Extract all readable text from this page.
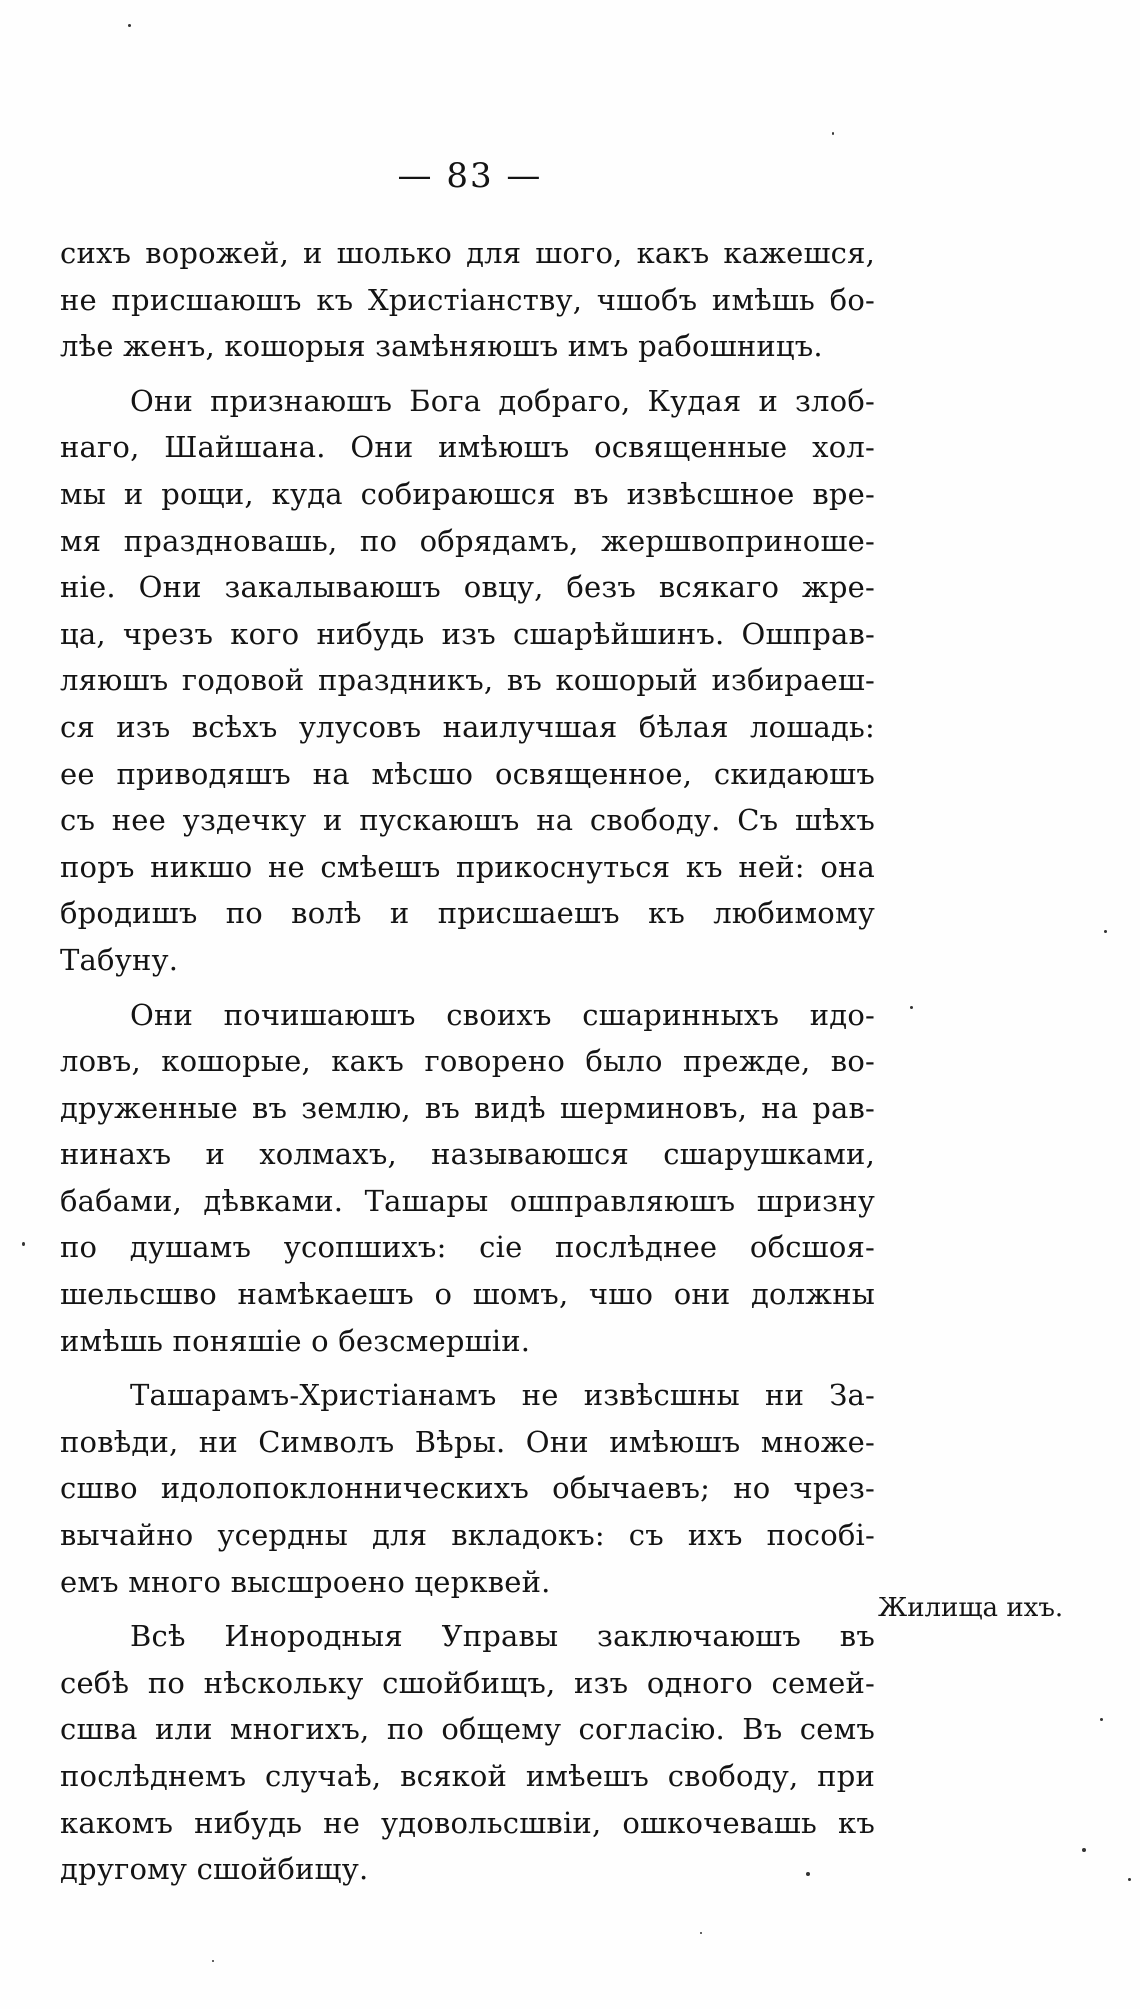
— 83 —
сихъ ворожей, и шолько для шого, какъ кажешся,
не присшаюшъ къ Христіанству, чшобъ имѣшь бо-
лѣе женъ, кошорыя замѣняюшъ имъ рабошницъ.
Они признаюшъ Бога добраго, Кудая и злоб-
наго, Шайшана. Они имѣюшъ освященные хол-
мы и рощи, куда собираюшся въ извѣсшное вре-
мя праздновашь, по обрядамъ, жершвоприноше-
ніе. Они закалываюшъ овцу, безъ всякаго жре-
ца, чрезъ кого нибудь изъ сшарѣйшинъ. Ошправ-
ляюшъ годовой праздникъ, въ кошорый избираеш-
ся изъ всѣхъ улусовъ наилучшая бѣлая лошадь:
ее приводяшъ на мѣсшо освященное, скидаюшъ
съ нее уздечку и пускаюшъ на свободу. Съ шѣхъ
поръ никшо не смѣешъ прикоснуться къ ней: она
бродишъ по волѣ и присшаешъ къ любимому
Табуну.
Они почишаюшъ своихъ сшаринныхъ идо-
ловъ, кошорые, какъ говорено было прежде, во-
друженные въ землю, въ видѣ шерминовъ, на рав-
нинахъ и холмахъ, называюшся сшарушками,
бабами, дѣвками. Ташары ошправляюшъ шризну
по душамъ усопшихъ: сіе послѣднее обсшоя-
шельсшво намѣкаешъ о шомъ, чшо они должны
имѣшь поняшіе о безсмершіи.
Ташарамъ-Христіанамъ не извѣсшны ни За-
повѣди, ни Символъ Вѣры. Они имѣюшъ множе-
сшво идолопоклонническихъ обычаевъ; но чрез-
вычайно усердны для вкладокъ: съ ихъ пособі-
емъ много высшроено церквей.
Всѣ Инородныя Управы заключаюшъ въ
себѣ по нѣскольку сшойбищъ, изъ одного семей-
сшва или многихъ, по общему согласію. Въ семъ
послѣднемъ случаѣ, всякой имѣешъ свободу, при
какомъ нибудь не удовольсшвіи, ошкочевашь къ
другому сшойбищу.
Жилища ихъ.
